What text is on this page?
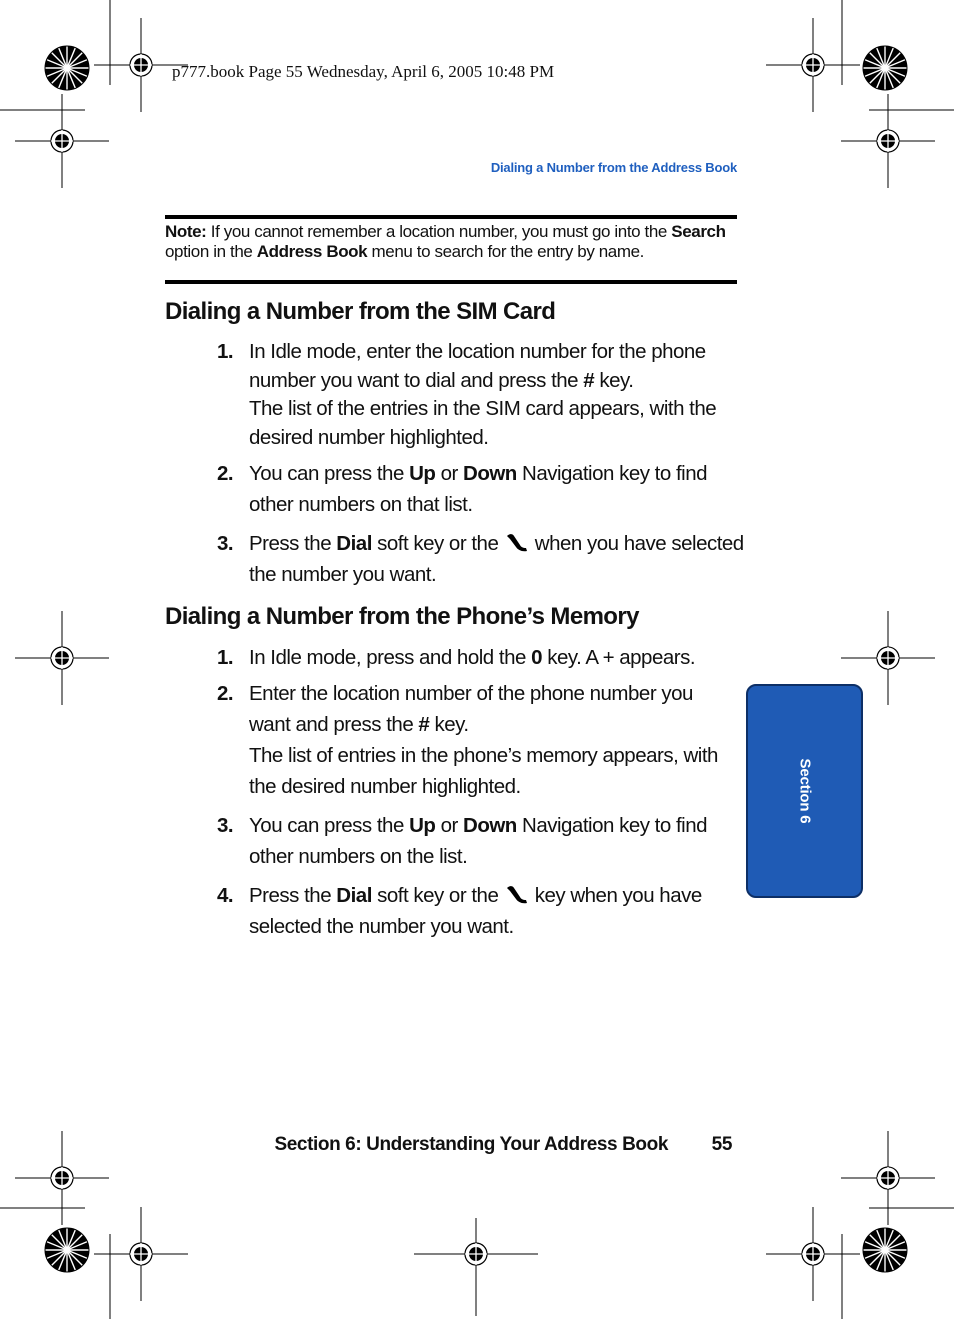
p777.book Page 55 Wednesday, April 6, 2005 10:48 PM
Dialing a Number from the Address Book
Note: If you cannot remember a location number, you must go into the Search option in the Address Book menu to search for the entry by name.
Dialing a Number from the SIM Card
1. In Idle mode, enter the location number for the phone number you want to dial and press the # key.
The list of the entries in the SIM card appears, with the desired number highlighted.
2. You can press the Up or Down Navigation key to find other numbers on that list.
3. Press the Dial soft key or the  when you have selected the number you want.
Dialing a Number from the Phone’s Memory
1. In Idle mode, press and hold the 0 key. A + appears.
2. Enter the location number of the phone number you want and press the # key.
The list of entries in the phone’s memory appears, with the desired number highlighted.
3. You can press the Up or Down Navigation key to find other numbers on the list.
4. Press the Dial soft key or the  key when you have selected the number you want.
Section 6
Section 6: Understanding Your Address Book 55
